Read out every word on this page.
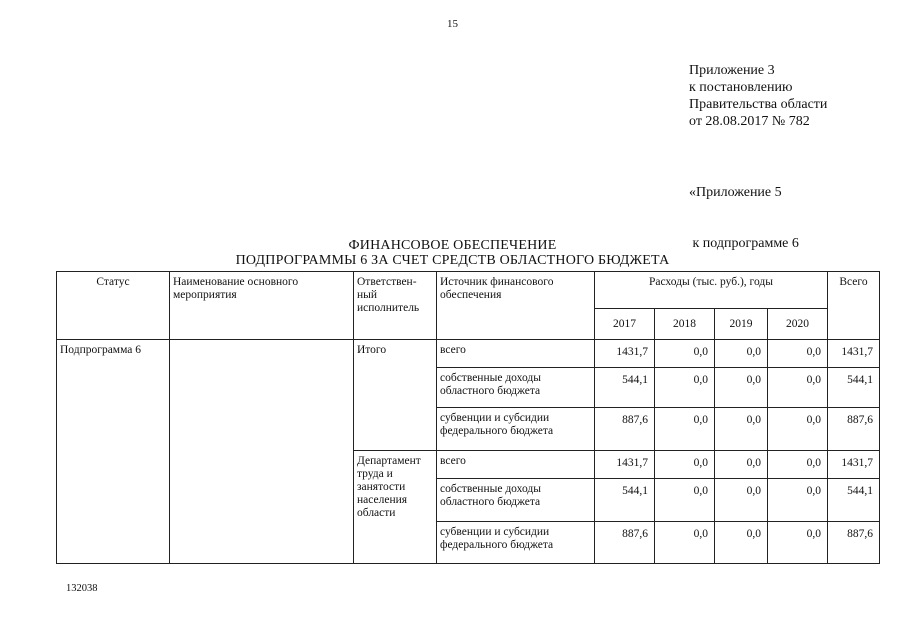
15
Приложение 3
к постановлению
Правительства области
от 28.08.2017 № 782

«Приложение 5

к подпрограмме 6

ФИНАНСОВОЕ ОБЕСПЕЧЕНИЕ
ПОДПРОГРАММЫ 6 ЗА СЧЕТ СРЕДСТВ ОБЛАСТНОГО БЮДЖЕТА
Статус	Наименование основного мероприятия	Ответствен-ный исполнитель	Источник финансового обеспечения	Расходы (тыс. руб.), годы				Всего
				2017	2018	2019	2020	
Подпрограмма 6		Итого	всего	1431,7	0,0	0,0	0,0	1431,7
			собственные доходы областного бюджета	544,1	0,0	0,0	0,0	544,1
			субвенции и субсидии федерального бюджета	887,6	0,0	0,0	0,0	887,6
		Департамент труда и занятости населения области	всего	1431,7	0,0	0,0	0,0	1431,7
			собственные доходы областного бюджета	544,1	0,0	0,0	0,0	544,1
			субвенции и субсидии федерального бюджета	887,6	0,0	0,0	0,0	887,6
132038
